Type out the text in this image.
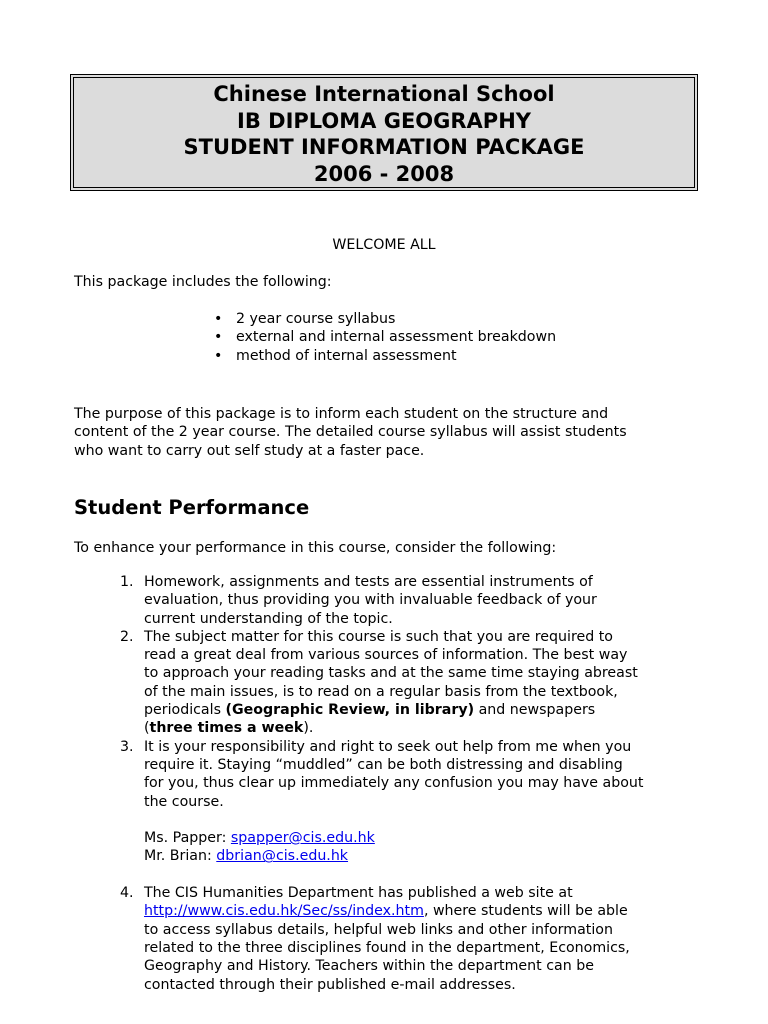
Chinese International School
IB DIPLOMA GEOGRAPHY
STUDENT INFORMATION PACKAGE
2006 - 2008
WELCOME ALL
This package includes the following:
• 2 year course syllabus
• external and internal assessment breakdown
• method of internal assessment
The purpose of this package is to inform each student on the structure and
content of the 2 year course. The detailed course syllabus will assist students
who want to carry out self study at a faster pace.
Student Performance
To enhance your performance in this course, consider the following:
1. Homework, assignments and tests are essential instruments of
evaluation, thus providing you with invaluable feedback of your
current understanding of the topic.
2. The subject matter for this course is such that you are required to
read a great deal from various sources of information. The best way
to approach your reading tasks and at the same time staying abreast
of the main issues, is to read on a regular basis from the textbook,
periodicals (Geographic Review, in library) and newspapers
(three times a week).
3. It is your responsibility and right to seek out help from me when you
require it. Staying “muddled” can be both distressing and disabling
for you, thus clear up immediately any confusion you may have about
the course.
Ms. Papper: spapper@cis.edu.hk
Mr. Brian: dbrian@cis.edu.hk
4. The CIS Humanities Department has published a web site at
http://www.cis.edu.hk/Sec/ss/index.htm, where students will be able
to access syllabus details, helpful web links and other information
related to the three disciplines found in the department, Economics,
Geography and History. Teachers within the department can be
contacted through their published e-mail addresses.
